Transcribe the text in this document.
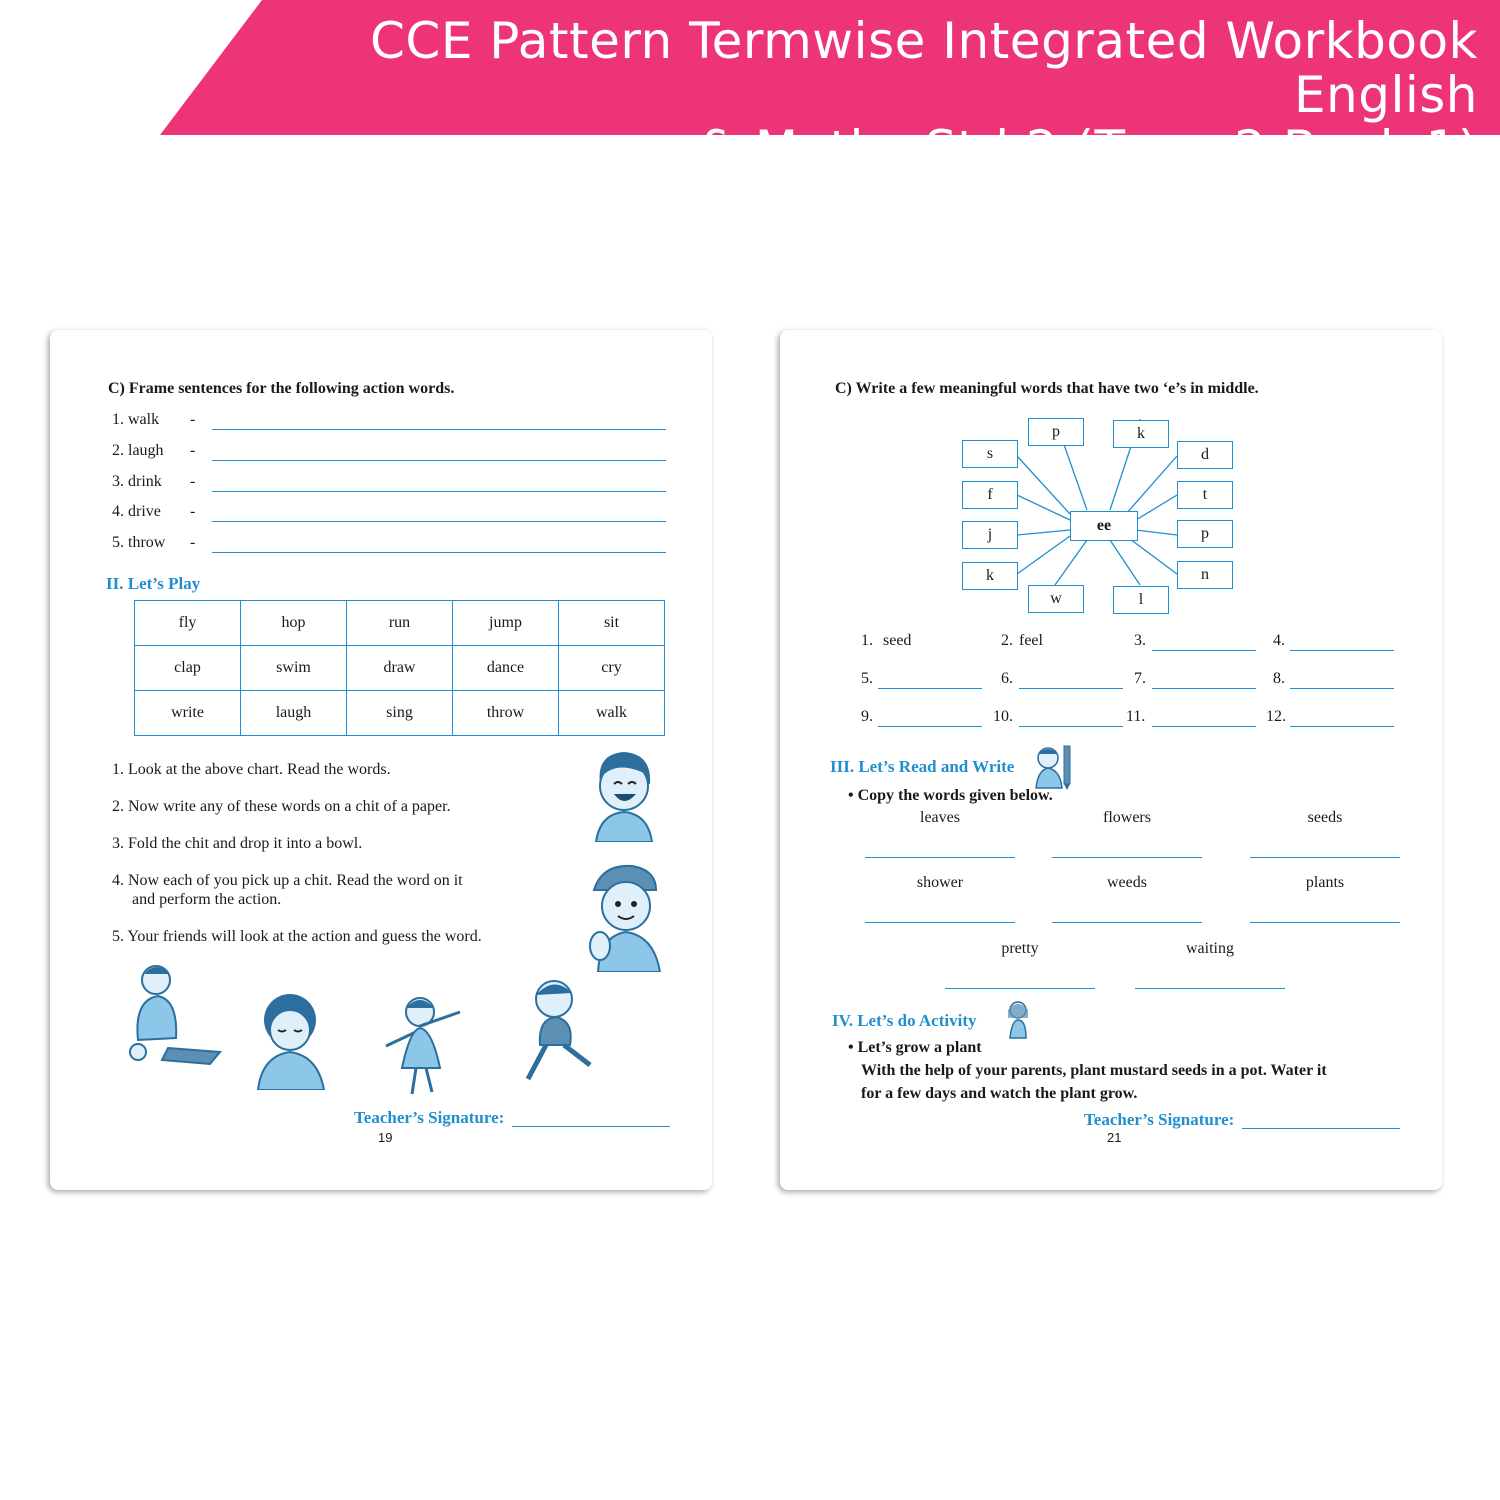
CCE Pattern Termwise Integrated Workbook English
& Maths Std 2 (Term 2 Book 1)
C) Frame sentences for the following action words.
1. walk -
2. laugh -
3. drink -
4. drive -
5. throw -
II. Let’s Play
fly	hop	run	jump	sit
clap	swim	draw	dance	cry
write	laugh	sing	throw	walk
1. Look at the above chart. Read the words.
2. Now write any of these words on a chit of a paper.
3. Fold the chit and drop it into a bowl.
4. Now each of you pick up a chit. Read the word on it
and perform the action.
5. Your friends will look at the action and guess the word.
Teacher’s Signature:
19
C) Write a few meaningful words that have two ‘e’s in middle.
p	k
s	d
f	t
j	p
k	n
w	l
ee
1. seed	2. feel	3.	4.
5.	6.	7.	8.
9.	10.	11.	12.
III. Let’s Read and Write
• Copy the words given below.
leaves	flowers	seeds
shower	weeds	plants
pretty	waiting
IV. Let’s do Activity
• Let’s grow a plant
With the help of your parents, plant mustard seeds in a pot. Water it
for a few days and watch the plant grow.
Teacher’s Signature:
21
